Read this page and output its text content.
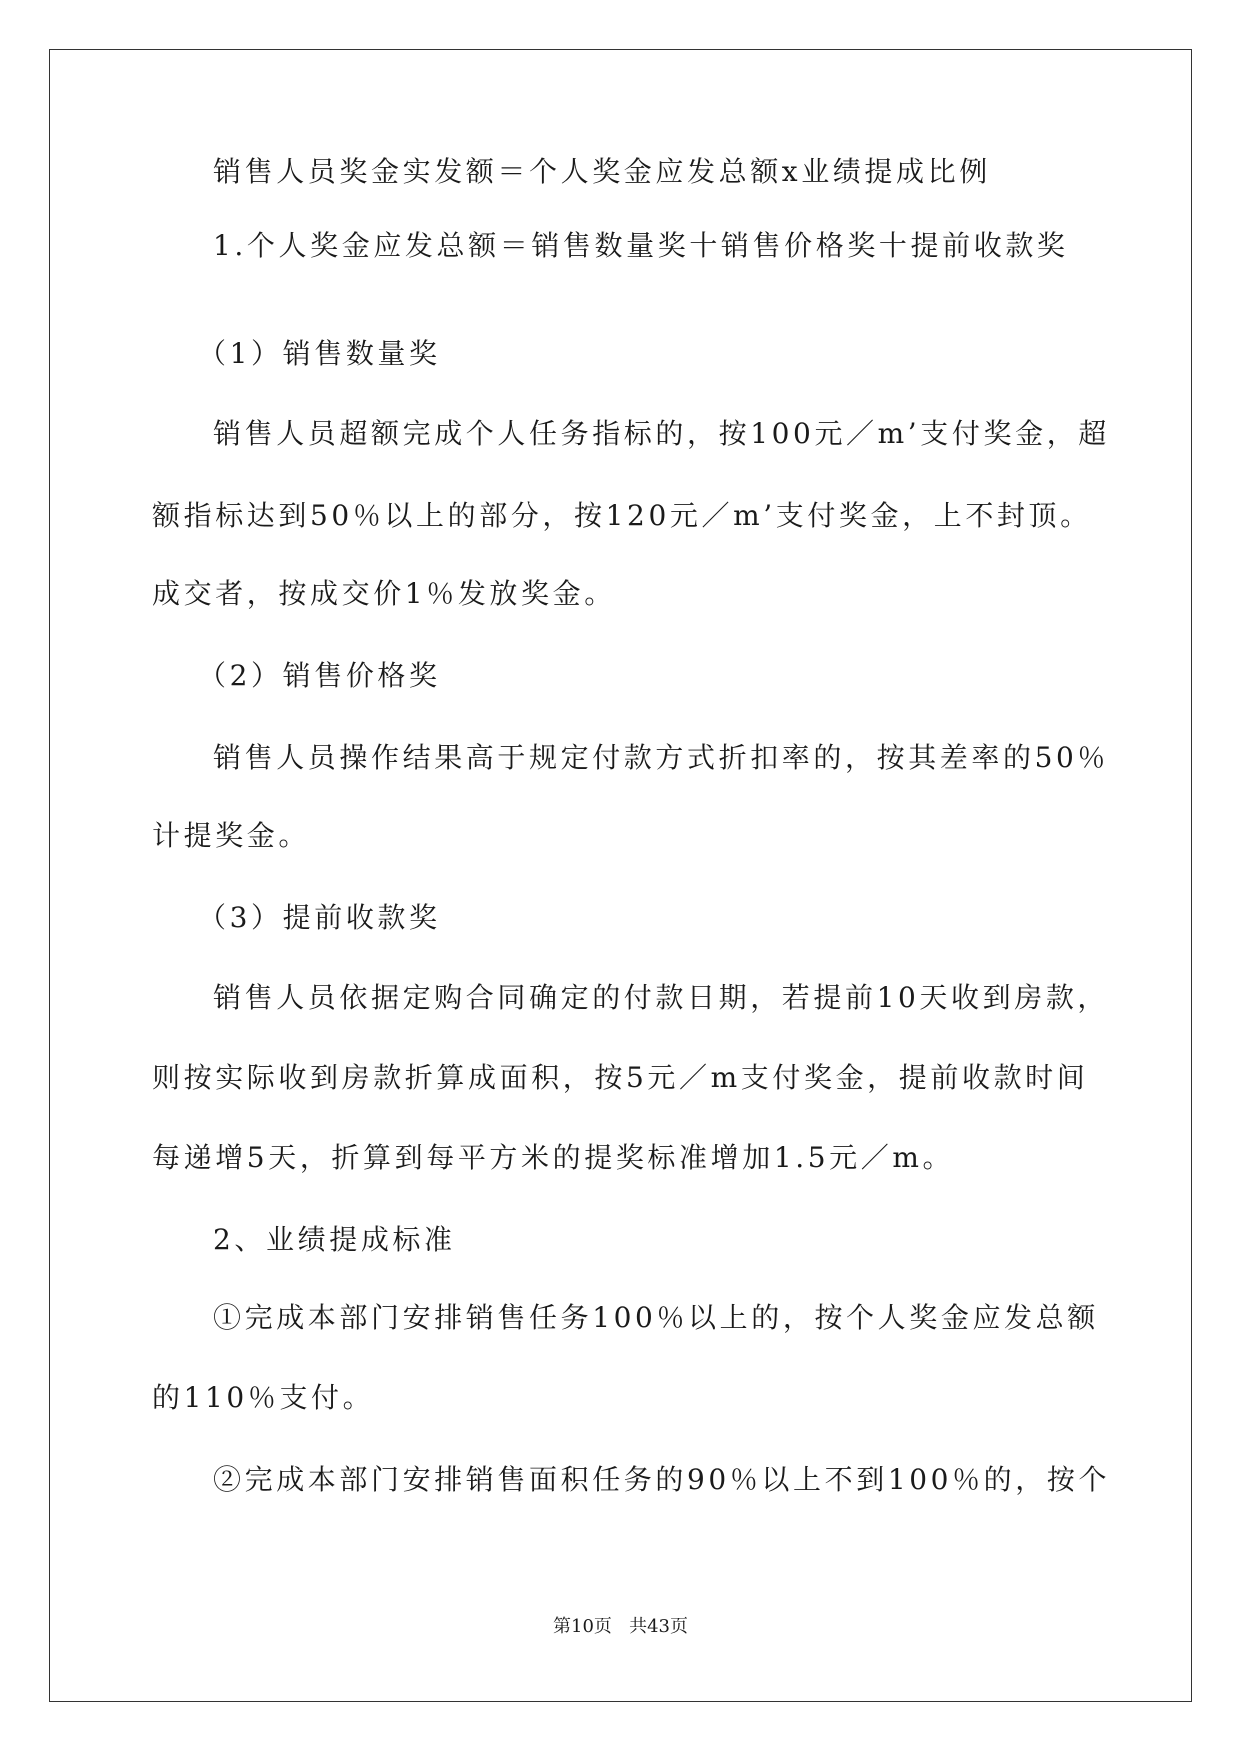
销售人员奖金实发额＝个人奖金应发总额x业绩提成比例
1.个人奖金应发总额＝销售数量奖十销售价格奖十提前收款奖
（1）销售数量奖
销售人员超额完成个人任务指标的，按100元／m’支付奖金，超
额指标达到50％以上的部分，按120元／m’支付奖金，上不封顶。
成交者，按成交价1％发放奖金。
（2）销售价格奖
销售人员操作结果高于规定付款方式折扣率的，按其差率的50％
计提奖金。
（3）提前收款奖
销售人员依据定购合同确定的付款日期，若提前10天收到房款，
则按实际收到房款折算成面积，按5元／m支付奖金，提前收款时间
每递增5天，折算到每平方米的提奖标准增加1.5元／m。
2、业绩提成标准
①完成本部门安排销售任务100％以上的，按个人奖金应发总额
的110％支付。
②完成本部门安排销售面积任务的90％以上不到100％的，按个
第10页   共43页
